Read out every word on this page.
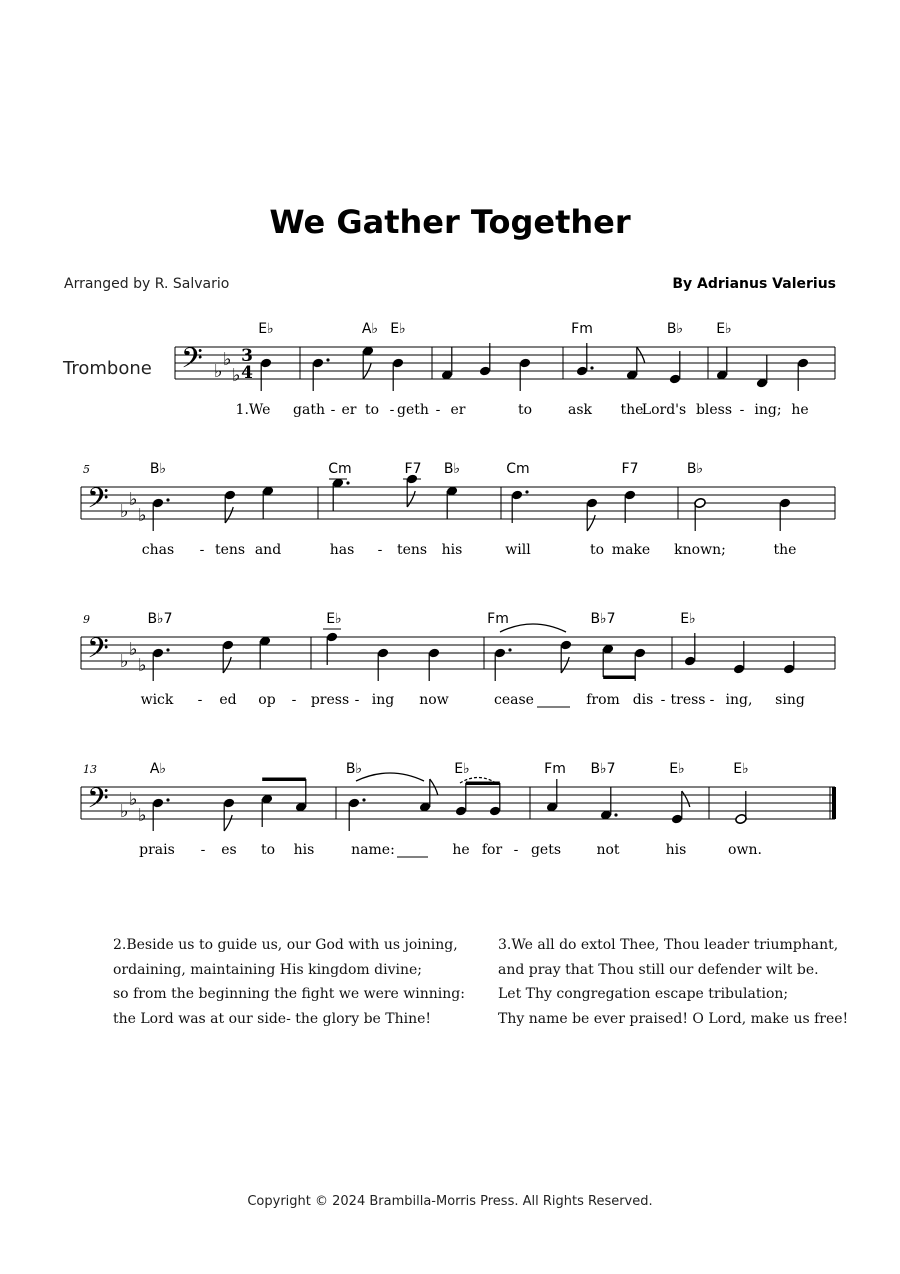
We Gather Together
Arranged by R. Salvario	By Adrianus Valerius
Trombone 𝄢 ♭
♭
♭
3
4
E♭	A♭ E♭	Fm	B♭ E♭
1.We gath - er to - geth - er	to	ask the
Lord's bless - ing; he
𝄢 ♭
♭
♭
5	B♭	Cm	F7 B♭	Cm	F7	B♭
chas - tens and	has - tens his	will	to make known;	the
𝄢 ♭
♭
♭
9	B♭7	E♭	Fm	B♭7	E♭
wick - ed op - press - ing now	cease	from dis - tress - ing, sing
𝄢 ♭
♭
♭
13	A♭	B♭	E♭	Fm B♭7	E♭	E♭
prais - es to his	name:	he for - gets	not	his	own.
2.Beside us to guide us, our God with us joining,
ordaining, maintaining His kingdom divine;
so from the beginning the fight we were winning:
the Lord was at our side- the glory be Thine!
3.We all do extol Thee, Thou leader triumphant,
and pray that Thou still our defender wilt be.
Let Thy congregation escape tribulation;
Thy name be ever praised! O Lord, make us free!
Copyright © 2024 Brambilla-Morris Press. All Rights Reserved.
